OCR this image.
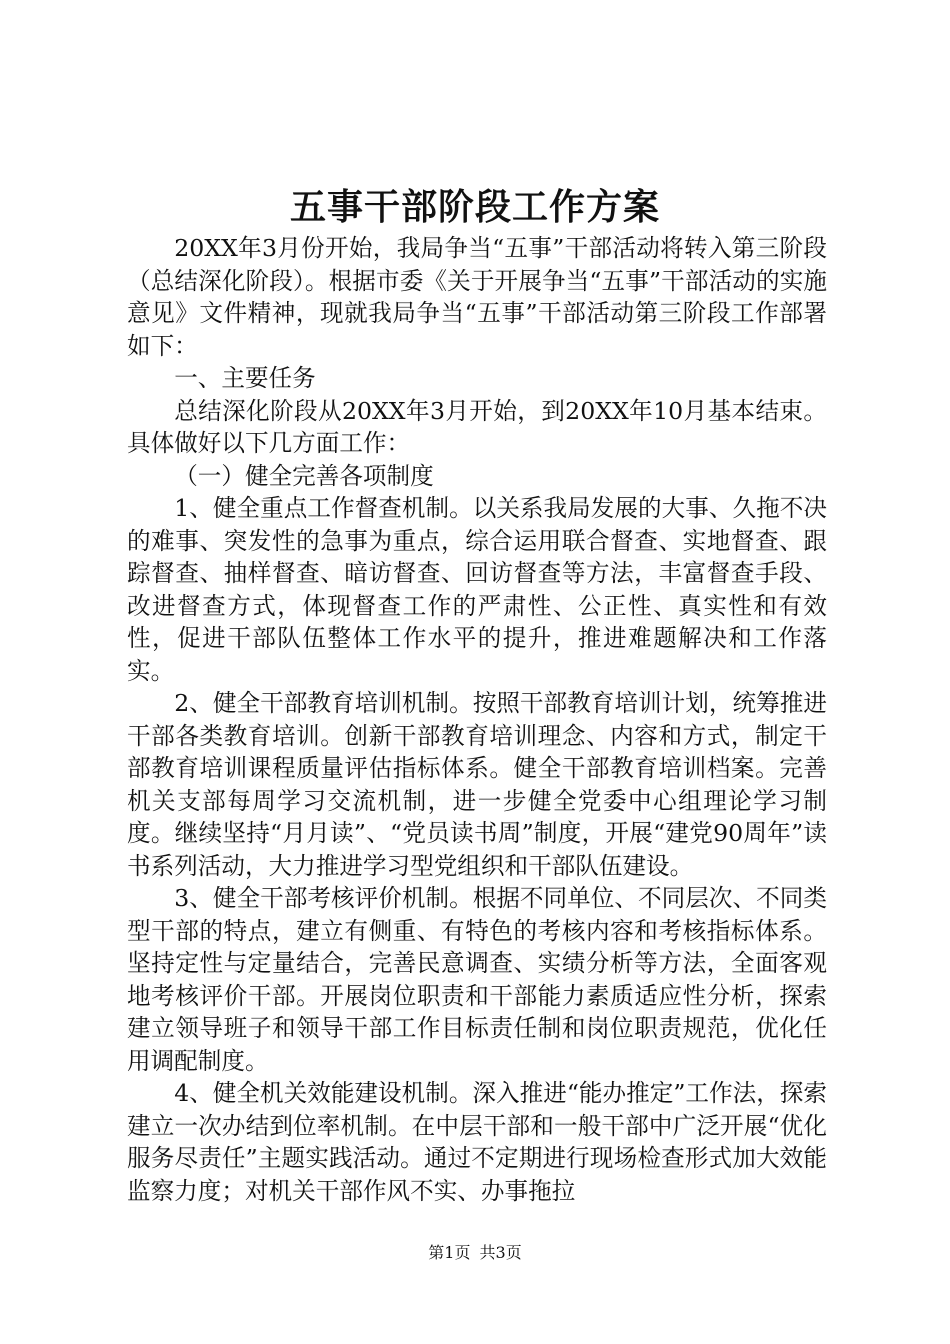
五事干部阶段工作方案

20XX年3月份开始，我局争当“五事”干部活动将转入第三阶段（总结深化阶段）。根据市委《关于开展争当“五事”干部活动的实施意见》文件精神，现就我局争当“五事”干部活动第三阶段工作部署如下：

一、主要任务

总结深化阶段从20XX年3月开始，到20XX年10月基本结束。具体做好以下几方面工作：

（一）健全完善各项制度

1、健全重点工作督查机制。以关系我局发展的大事、久拖不决的难事、突发性的急事为重点，综合运用联合督查、实地督查、跟踪督查、抽样督查、暗访督查、回访督查等方法，丰富督查手段、改进督查方式，体现督查工作的严肃性、公正性、真实性和有效性，促进干部队伍整体工作水平的提升，推进难题解决和工作落实。

2、健全干部教育培训机制。按照干部教育培训计划，统筹推进干部各类教育培训。创新干部教育培训理念、内容和方式，制定干部教育培训课程质量评估指标体系。健全干部教育培训档案。完善机关支部每周学习交流机制，进一步健全党委中心组理论学习制度。继续坚持“月月读”、“党员读书周”制度，开展“建党90周年”读书系列活动，大力推进学习型党组织和干部队伍建设。

3、健全干部考核评价机制。根据不同单位、不同层次、不同类型干部的特点，建立有侧重、有特色的考核内容和考核指标体系。坚持定性与定量结合，完善民意调查、实绩分析等方法，全面客观地考核评价干部。开展岗位职责和干部能力素质适应性分析，探索建立领导班子和领导干部工作目标责任制和岗位职责规范，优化任用调配制度。

4、健全机关效能建设机制。深入推进“能办推定”工作法，探索建立一次办结到位率机制。在中层干部和一般干部中广泛开展“优化服务尽责任”主题实践活动。通过不定期进行现场检查形式加大效能监察力度；对机关干部作风不实、办事拖拉

第1页 共3页
